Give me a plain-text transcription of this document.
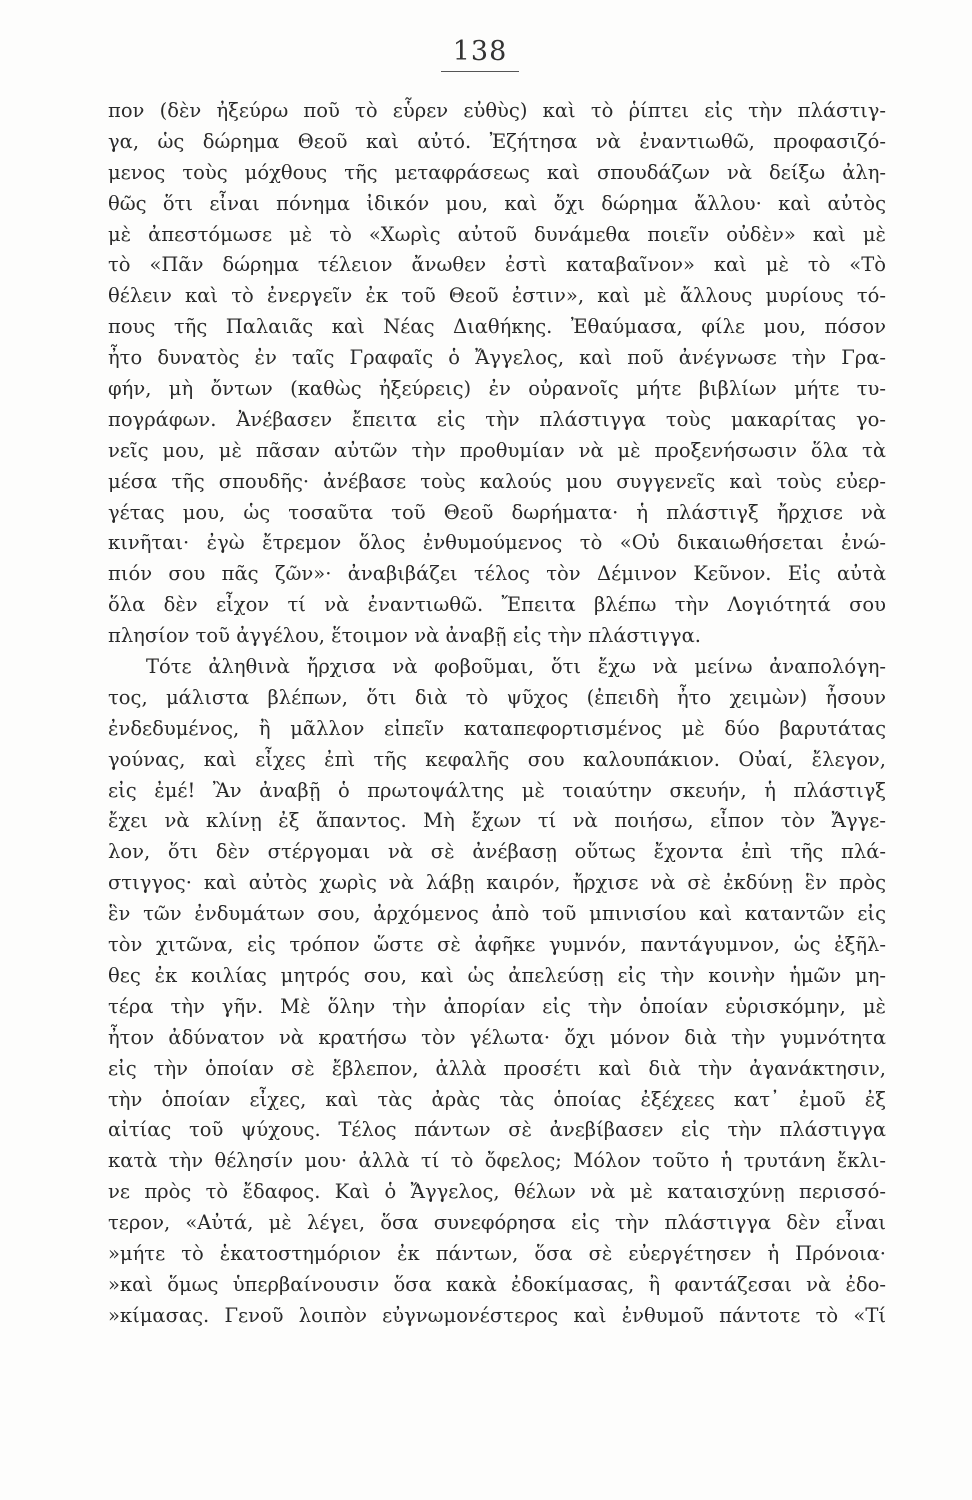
138
πον (δὲν ἠξεύρω ποῦ τὸ εὗρεν εὐθὺς) καὶ τὸ ῥίπτει εἰς τὴν πλάστιγ-
γα, ὡς δώρημα Θεοῦ καὶ αὐτό. Ἐζήτησα νὰ ἐναντιωθῶ, προφασιζό-
μενος τοὺς μόχθους τῆς μεταφράσεως καὶ σπουδάζων νὰ δείξω ἀλη-
θῶς ὅτι εἶναι πόνημα ἰδικόν μου, καὶ ὄχι δώρημα ἄλλου· καὶ αὐτὸς
μὲ ἀπεστόμωσε μὲ τὸ «Χωρὶς αὐτοῦ δυνάμεθα ποιεῖν οὐδὲν» καὶ μὲ
τὸ «Πᾶν δώρημα τέλειον ἄνωθεν ἐστὶ καταβαῖνον» καὶ μὲ τὸ «Τὸ
θέλειν καὶ τὸ ἐνεργεῖν ἐκ τοῦ Θεοῦ ἐστιν», καὶ μὲ ἄλλους μυρίους τό-
πους τῆς Παλαιᾶς καὶ Νέας Διαθήκης. Ἐθαύμασα, φίλε μου, πόσον
ἦτο δυνατὸς ἐν ταῖς Γραφαῖς ὁ Ἄγγελος, καὶ ποῦ ἀνέγνωσε τὴν Γρα-
φήν, μὴ ὄντων (καθὼς ἠξεύρεις) ἐν οὐρανοῖς μήτε βιβλίων μήτε τυ-
πογράφων. Ἀνέβασεν ἔπειτα εἰς τὴν πλάστιγγα τοὺς μακαρίτας γο-
νεῖς μου, μὲ πᾶσαν αὐτῶν τὴν προθυμίαν νὰ μὲ προξενήσωσιν ὅλα τὰ
μέσα τῆς σπουδῆς· ἀνέβασε τοὺς καλούς μου συγγενεῖς καὶ τοὺς εὐερ-
γέτας μου, ὡς τοσαῦτα τοῦ Θεοῦ δωρήματα· ἡ πλάστιγξ ἤρχισε νὰ
κινῆται· ἐγὼ ἔτρεμον ὅλος ἐνθυμούμενος τὸ «Οὐ δικαιωθήσεται ἐνώ-
πιόν σου πᾶς ζῶν»· ἀναβιβάζει τέλος τὸν Δέμινον Κεῦνον. Εἰς αὐτὰ
ὅλα δὲν εἶχον τί νὰ ἐναντιωθῶ. Ἔπειτα βλέπω τὴν Λογιότητά σου
πλησίον τοῦ ἀγγέλου, ἕτοιμον νὰ ἀναβῇ εἰς τὴν πλάστιγγα.
Τότε ἀληθινὰ ἤρχισα νὰ φοβοῦμαι, ὅτι ἔχω νὰ μείνω ἀναπολόγη-
τος, μάλιστα βλέπων, ὅτι διὰ τὸ ψῦχος (ἐπειδὴ ἦτο χειμὼν) ἦσουν
ἐνδεδυμένος, ἢ μᾶλλον εἰπεῖν καταπεφορτισμένος μὲ δύο βαρυτάτας
γούνας, καὶ εἶχες ἐπὶ τῆς κεφαλῆς σου καλουπάκιον. Οὐαί, ἔλεγον,
εἰς ἐμέ! Ἂν ἀναβῇ ὁ πρωτοψάλτης μὲ τοιαύτην σκευήν, ἡ πλάστιγξ
ἔχει νὰ κλίνῃ ἐξ ἅπαντος. Μὴ ἔχων τί νὰ ποιήσω, εἶπον τὸν Ἄγγε-
λον, ὅτι δὲν στέργομαι νὰ σὲ ἀνέβασῃ οὕτως ἔχοντα ἐπὶ τῆς πλά-
στιγγος· καὶ αὐτὸς χωρὶς νὰ λάβῃ καιρόν, ἤρχισε νὰ σὲ ἐκδύνῃ ἓν πρὸς
ἓν τῶν ἐνδυμάτων σου, ἀρχόμενος ἀπὸ τοῦ μπινισίου καὶ καταντῶν εἰς
τὸν χιτῶνα, εἰς τρόπον ὥστε σὲ ἀφῆκε γυμνόν, παντάγυμνον, ὡς ἐξῆλ-
θες ἐκ κοιλίας μητρός σου, καὶ ὡς ἀπελεύσῃ εἰς τὴν κοινὴν ἡμῶν μη-
τέρα τὴν γῆν. Μὲ ὅλην τὴν ἀπορίαν εἰς τὴν ὁποίαν εὑρισκόμην, μὲ
ἦτον ἀδύνατον νὰ κρατήσω τὸν γέλωτα· ὄχι μόνον διὰ τὴν γυμνότητα
εἰς τὴν ὁποίαν σὲ ἔβλεπον, ἀλλὰ προσέτι καὶ διὰ τὴν ἀγανάκτησιν,
τὴν ὁποίαν εἶχες, καὶ τὰς ἀρὰς τὰς ὁποίας ἐξέχεες κατ᾽ ἐμοῦ ἐξ
αἰτίας τοῦ ψύχους. Τέλος πάντων σὲ ἀνεβίβασεν εἰς τὴν πλάστιγγα
κατὰ τὴν θέλησίν μου· ἀλλὰ τί τὸ ὄφελος; Μόλον τοῦτο ἡ τρυτάνη ἔκλι-
νε πρὸς τὸ ἔδαφος. Καὶ ὁ Ἄγγελος, θέλων νὰ μὲ καταισχύνῃ περισσό-
τερον, «Αὐτά, μὲ λέγει, ὅσα συνεφόρησα εἰς τὴν πλάστιγγα δὲν εἶναι
»μήτε τὸ ἑκατοστημόριον ἐκ πάντων, ὅσα σὲ εὐεργέτησεν ἡ Πρόνοια·
»καὶ ὅμως ὑπερβαίνουσιν ὅσα κακὰ ἐδοκίμασας, ἢ φαντάζεσαι νὰ ἐδο-
»κίμασας. Γενοῦ λοιπὸν εὐγνωμονέστερος καὶ ἐνθυμοῦ πάντοτε τὸ «Τί
